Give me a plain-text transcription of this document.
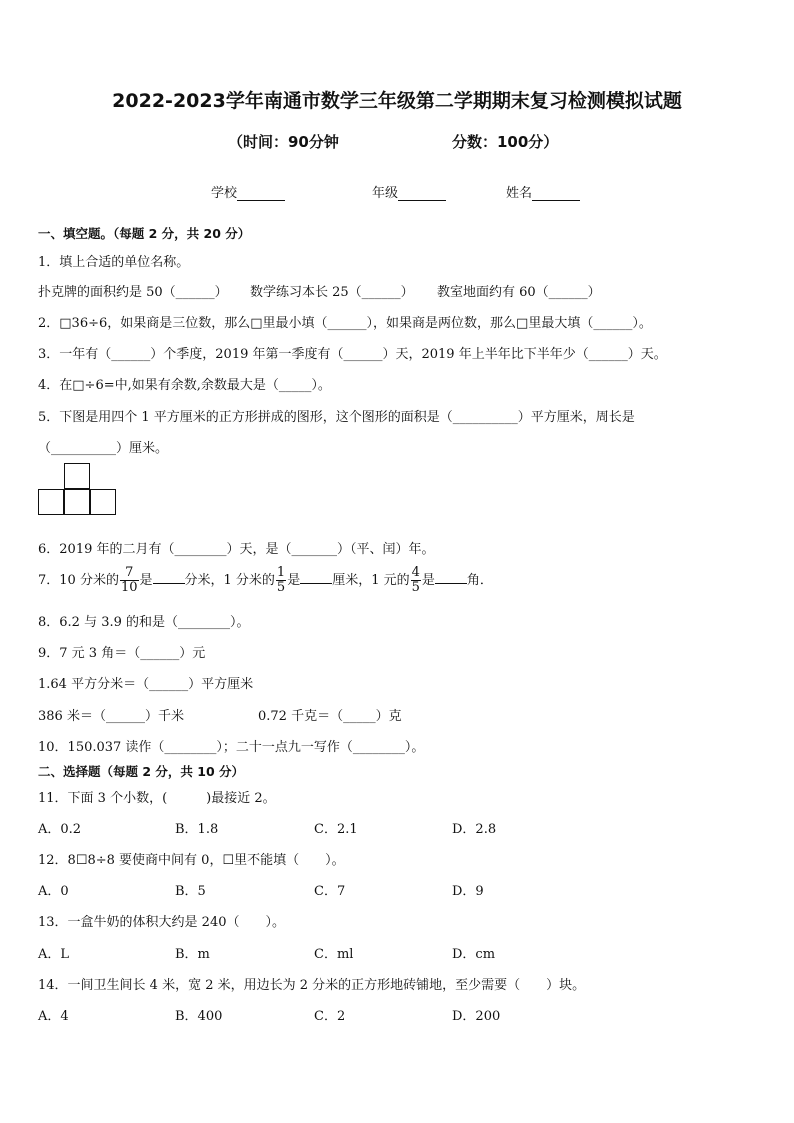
2022-2023学年南通市数学三年级第二学期期末复习检测模拟试题
（时间：90分钟	分数：100分）
学校	年级	姓名
一、填空题。（每题 2 分，共 20 分）
1．填上合适的单位名称。
扑克牌的面积约是 50（______） 数学练习本长 25（______） 教室地面约有 60（______）
2．□36÷6，如果商是三位数，那么□里最小填（______），如果商是两位数，那么□里最大填（______）。
3．一年有（______）个季度，2019 年第一季度有（______）天，2019 年上半年比下半年少（______）天。
4．在□÷6=中,如果有余数,余数最大是（_____）。
5．下图是用四个 1 平方厘米的正方形拼成的图形，这个图形的面积是（__________）平方厘米，周长是
（__________）厘米。
6．2019 年的二月有（________）天，是（_______）（平、闰）年。
7．10 分米的 $\frac{7}{10}$ 是 分米，1 分米的 $\frac{1}{5}$ 是 厘米，1 元的 $\frac{4}{5}$ 是 角．
8．6.2 与 3.9 的和是（________）。
9．7 元 3 角＝（______）元
1.64 平方分米＝（______）平方厘米
386 米＝（______）千米	0.72 千克＝（_____）克
10．150.037 读作（________）；二十一点九一写作（________）。
二、选择题（每题 2 分，共 10 分）
11．下面 3 个小数，(　　　)最接近 2。
A．0.2	B．1.8	C．2.1	D．2.8
12．8☐8÷8 要使商中间有 0，☐里不能填（　　）。
A．0	B．5	C．7	D．9
13．一盒牛奶的体积大约是 240（　　）。
A．L	B．m	C．ml	D．cm
14．一间卫生间长 4 米，宽 2 米，用边长为 2 分米的正方形地砖铺地，至少需要（　　）块。
A．4	B．400	C．2	D．200
